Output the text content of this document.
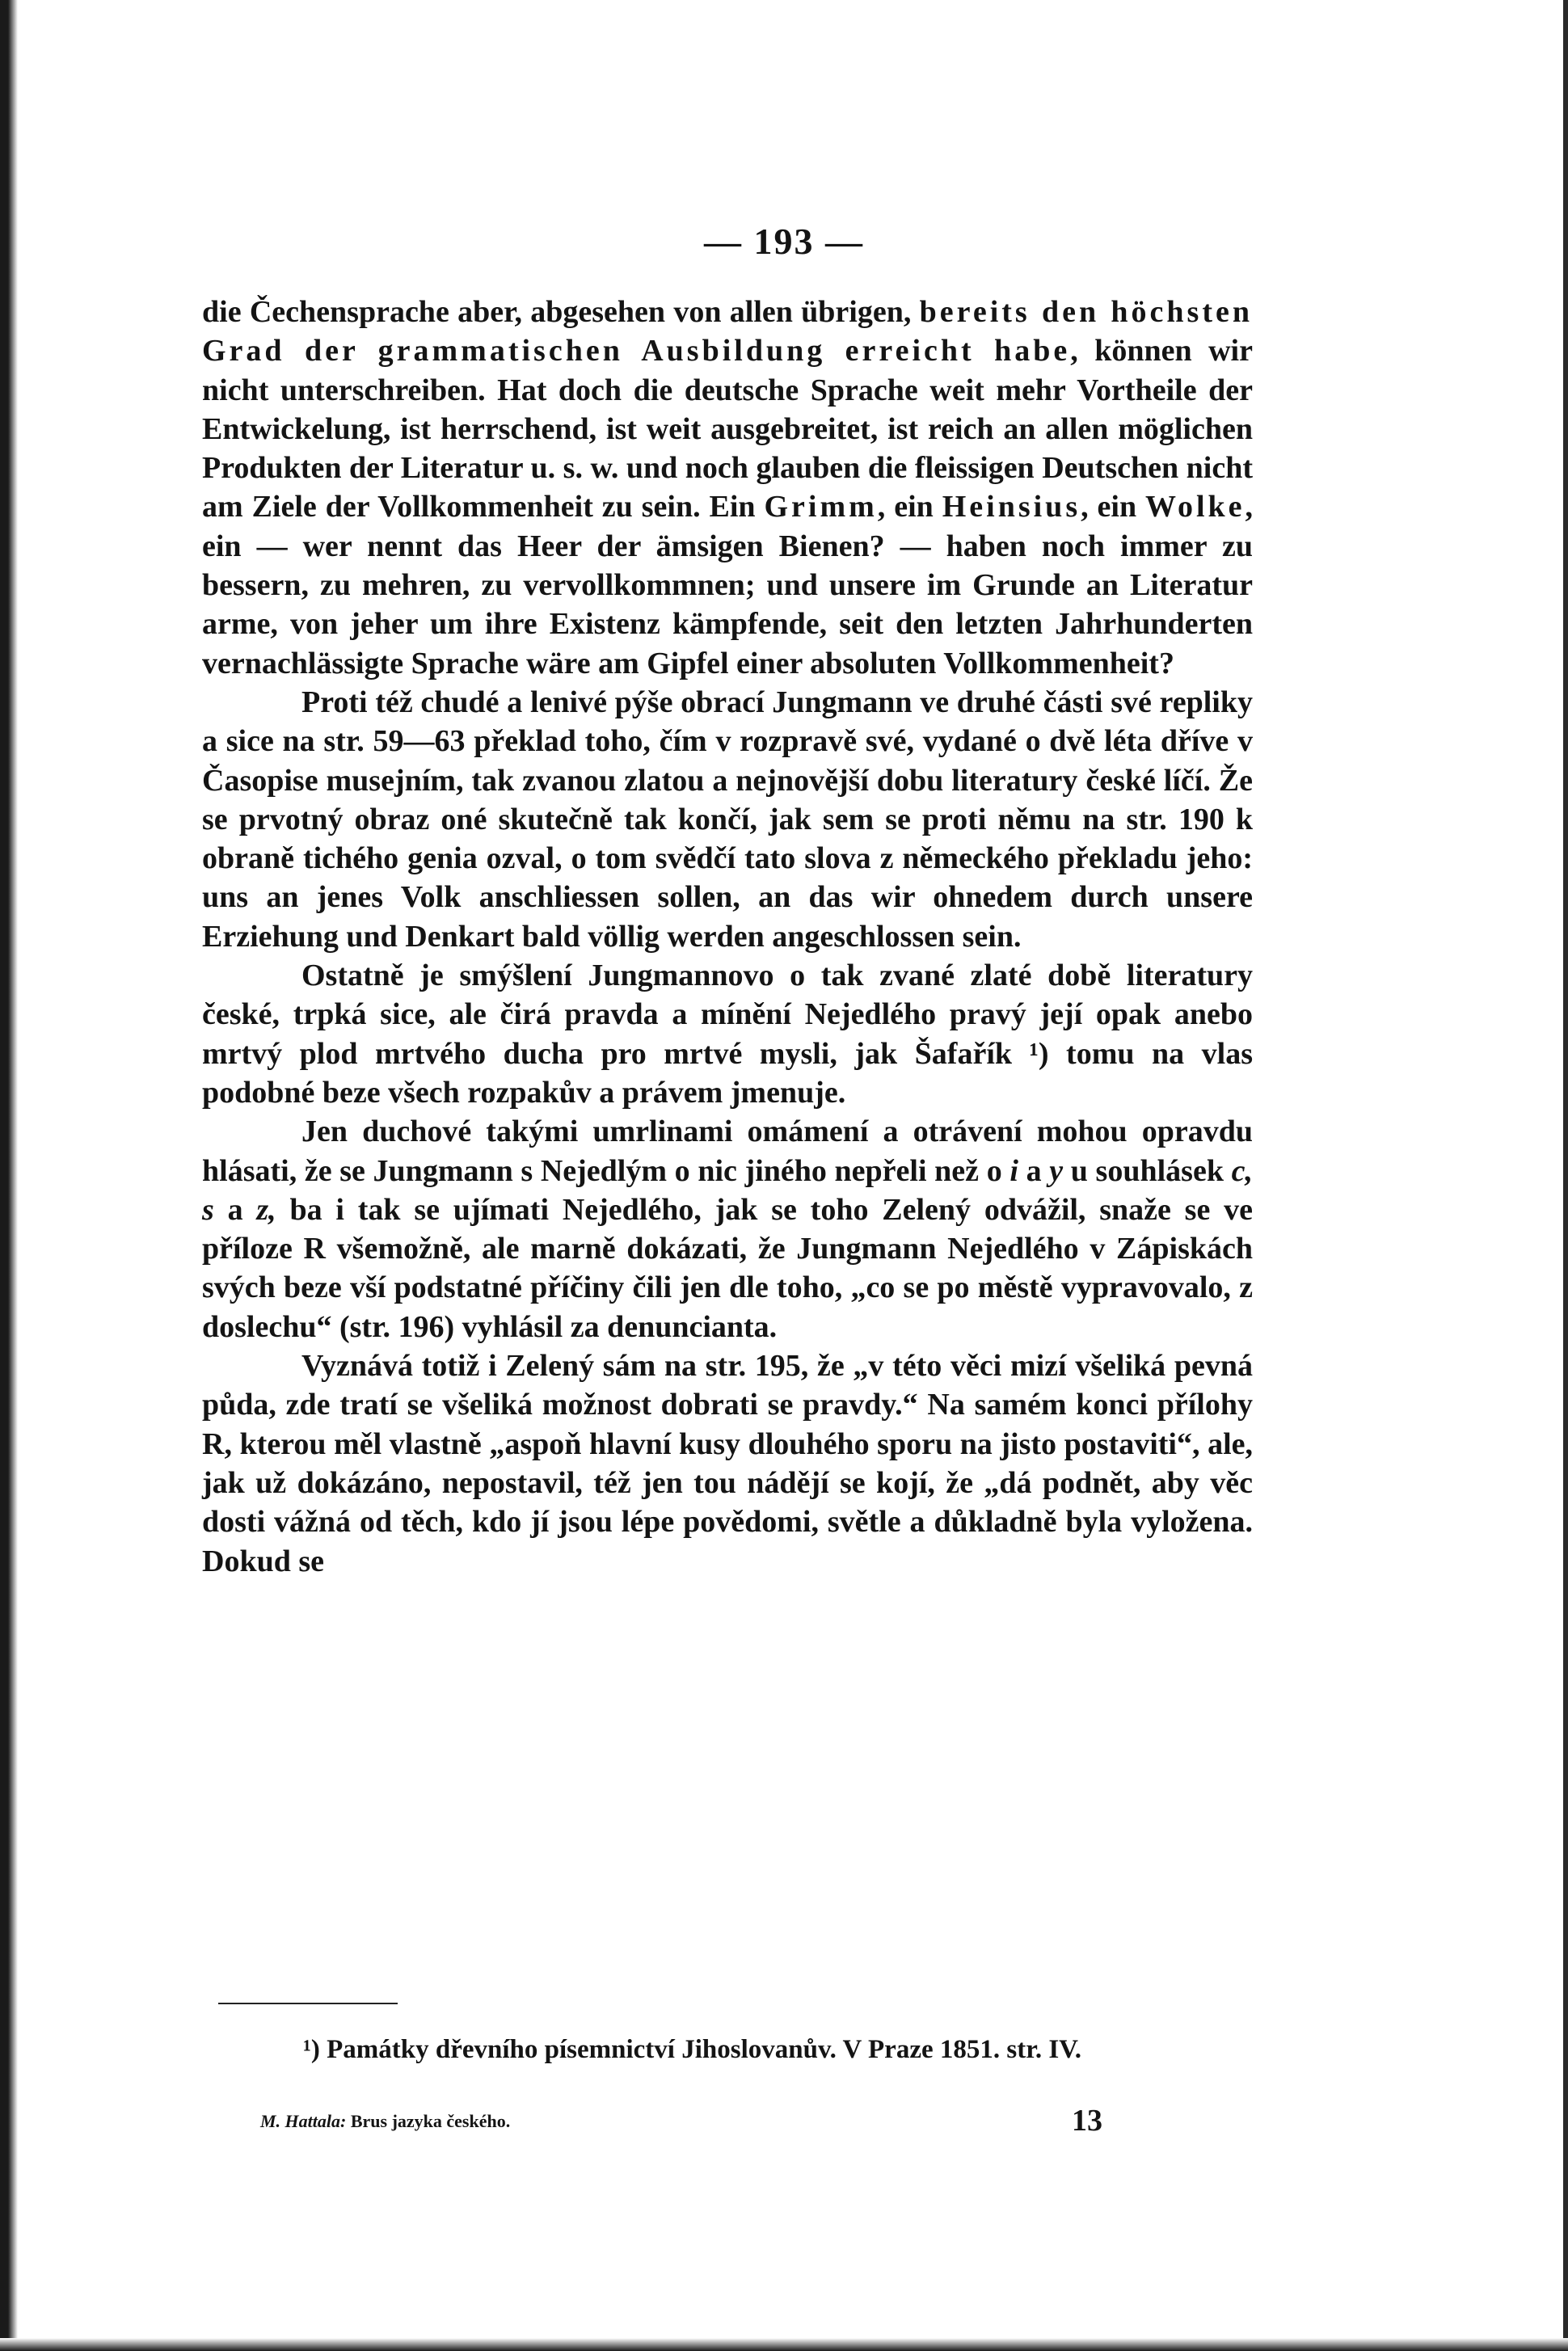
— 193 —

die Čechensprache aber, abgesehen von allen übrigen, bereits den höchsten Grad der grammatischen Ausbildung erreicht habe, können wir nicht unterschreiben. Hat doch die deutsche Sprache weit mehr Vortheile der Entwickelung, ist herrschend, ist weit ausgebreitet, ist reich an allen möglichen Produkten der Literatur u. s. w. und noch glauben die fleissigen Deutschen nicht am Ziele der Vollkommenheit zu sein. Ein Grimm, ein Heinsius, ein Wolke, ein — wer nennt das Heer der ämsigen Bienen? — haben noch immer zu bessern, zu mehren, zu vervollkommnen; und unsere im Grunde an Literatur arme, von jeher um ihre Existenz kämpfende, seit den letzten Jahrhunderten vernachlässigte Sprache wäre am Gipfel einer absoluten Vollkommenheit?

Proti též chudé a lenivé pýše obrací Jungmann ve druhé části své repliky a sice na str. 59—63 překlad toho, čím v rozpravě své, vydané o dvě léta dříve v Časopise musejním, tak zvanou zlatou a nejnovější dobu literatury české líčí. Že se prvotný obraz oné skutečně tak končí, jak sem se proti němu na str. 190 k obraně tichého genia ozval, o tom svědčí tato slova z německého překladu jeho: uns an jenes Volk anschliessen sollen, an das wir ohnedem durch unsere Erziehung und Denkart bald völlig werden angeschlossen sein.

Ostatně je smýšlení Jungmannovo o tak zvané zlaté době literatury české, trpká sice, ale čirá pravda a mínění Nejedlého pravý její opak anebo mrtvý plod mrtvého ducha pro mrtvé mysli, jak Šafařík ¹) tomu na vlas podobné beze všech rozpakův a právem jmenuje.

Jen duchové takými umrlinami omámení a otrávení mohou opravdu hlásati, že se Jungmann s Nejedlým o nic jiného nepřeli než o i a y u souhlásek c, s a z, ba i tak se ujímati Nejedlého, jak se toho Zelený odvážil, snaže se ve příloze R všemožně, ale marně dokázati, že Jungmann Nejedlého v Zápiskách svých beze vší podstatné příčiny čili jen dle toho, „co se po městě vypravovalo, z doslechu“ (str. 196) vyhlásil za denuncianta.

Vyznává totiž i Zelený sám na str. 195, že „v této věci mizí všeliká pevná půda, zde tratí se všeliká možnost dobrati se pravdy.“ Na samém konci přílohy R, kterou měl vlastně „aspoň hlavní kusy dlouhého sporu na jisto postaviti“, ale, jak už dokázáno, nepostavil, též jen tou nádějí se kojí, že „dá podnět, aby věc dosti vážná od těch, kdo jí jsou lépe povědomi, světle a důkladně byla vyložena. Dokud se

¹) Památky dřevního písemnictví Jihoslovanův. V Praze 1851. str. IV.
M. Hattala: Brus jazyka českého.	13
